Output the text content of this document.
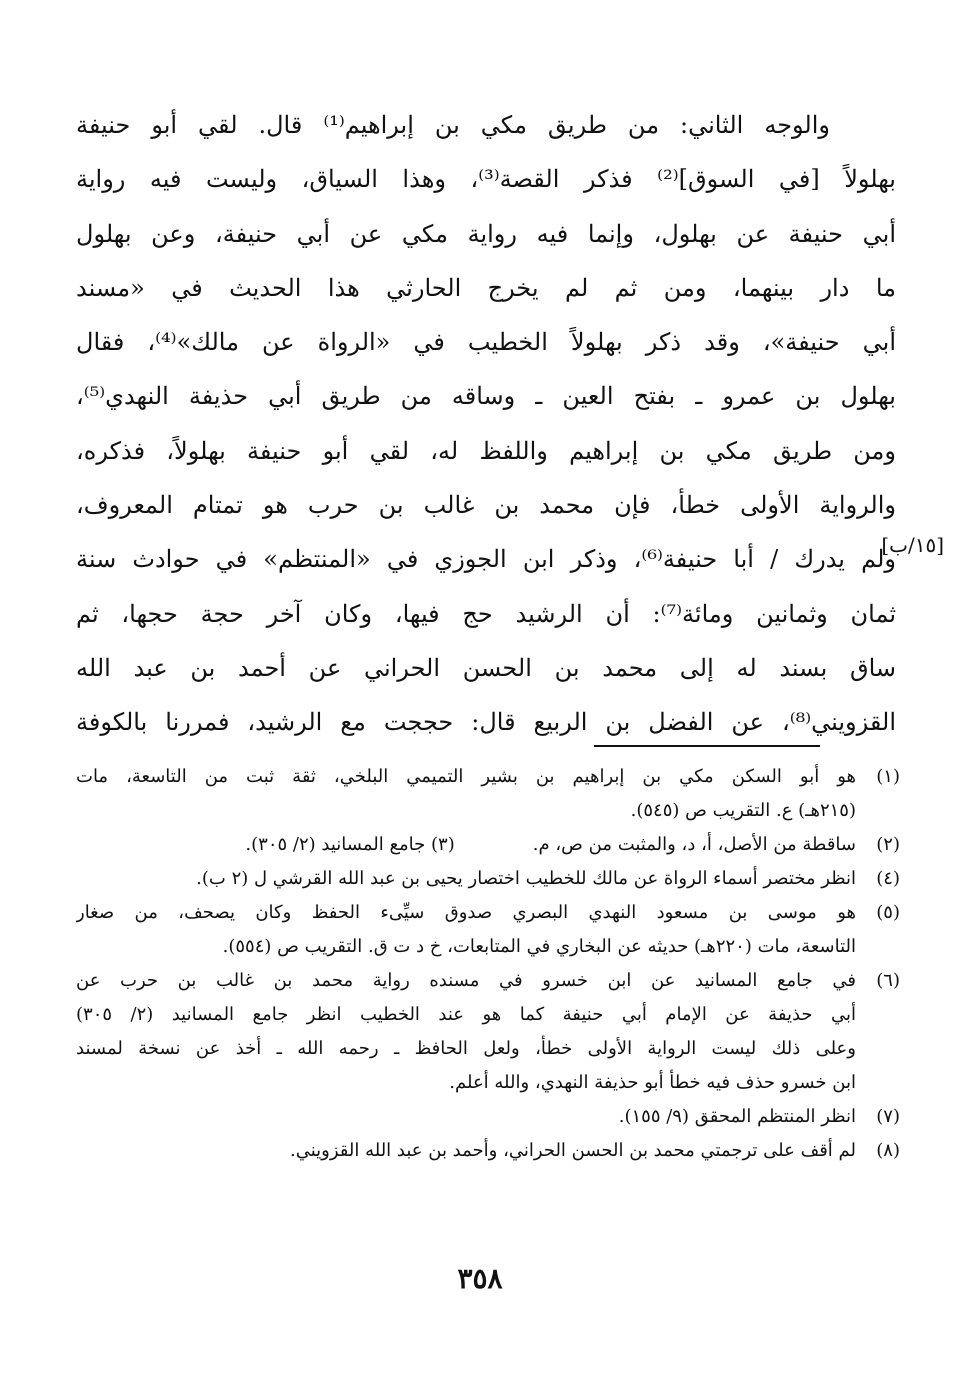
والوجه الثاني: من طريق مكي بن إبراهيم⁽¹⁾ قال. لقي أبو حنيفة
بهلولاً [في السوق]⁽²⁾ فذكر القصة⁽³⁾، وهذا السياق، وليست فيه رواية
أبي حنيفة عن بهلول، وإنما فيه رواية مكي عن أبي حنيفة، وعن بهلول
ما دار بينهما، ومن ثم لم يخرج الحارثي هذا الحديث في «مسند
أبي حنيفة»، وقد ذكر بهلولاً الخطيب في «الرواة عن مالك»⁽⁴⁾، فقال
بهلول بن عمرو ـ بفتح العين ـ وساقه من طريق أبي حذيفة النهدي⁽⁵⁾،
ومن طريق مكي بن إبراهيم واللفظ له، لقي أبو حنيفة بهلولاً، فذكره،
والرواية الأولى خطأ، فإن محمد بن غالب بن حرب هو تمتام المعروف،
ولم يدرك / أبا حنيفة⁽⁶⁾، وذكر ابن الجوزي في «المنتظم» في حوادث سنة
ثمان وثمانين ومائة⁽⁷⁾: أن الرشيد حج فيها، وكان آخر حجة حجها، ثم
ساق بسند له إلى محمد بن الحسن الحراني عن أحمد بن عبد الله
القزويني⁽⁸⁾، عن الفضل بن الربيع قال: حججت مع الرشيد، فمررنا بالكوفة
[١٥/ب]
(١)
هو أبو السكن مكي بن إبراهيم بن بشير التميمي البلخي، ثقة ثبت من التاسعة، مات
(٢١٥هـ) ع. التقريب ص (٥٤٥).
(٢)
ساقطة من الأصل، أ، د، والمثبت من ص، م.(٣) جامع المسانيد (٢/ ٣٠٥).
(٤)
انظر مختصر أسماء الرواة عن مالك للخطيب اختصار يحيى بن عبد الله القرشي ل (٢ ب).
(٥)
هو موسى بن مسعود النهدي البصري صدوق سيِّىء الحفظ وكان يصحف، من صغار
التاسعة، مات (٢٢٠هـ) حديثه عن البخاري في المتابعات، خ د ت ق. التقريب ص (٥٥٤).
(٦)
في جامع المسانيد عن ابن خسرو في مسنده رواية محمد بن غالب بن حرب عن
أبي حذيفة عن الإمام أبي حنيفة كما هو عند الخطيب انظر جامع المسانيد (٢/ ٣٠٥)
وعلى ذلك ليست الرواية الأولى خطأ، ولعل الحافظ ـ رحمه الله ـ أخذ عن نسخة لمسند
ابن خسرو حذف فيه خطأ أبو حذيفة النهدي، والله أعلم.
(٧)
انظر المنتظم المحقق (٩/ ١٥٥).
(٨)
لم أقف على ترجمتي محمد بن الحسن الحراني، وأحمد بن عبد الله القزويني.
٣٥٨
